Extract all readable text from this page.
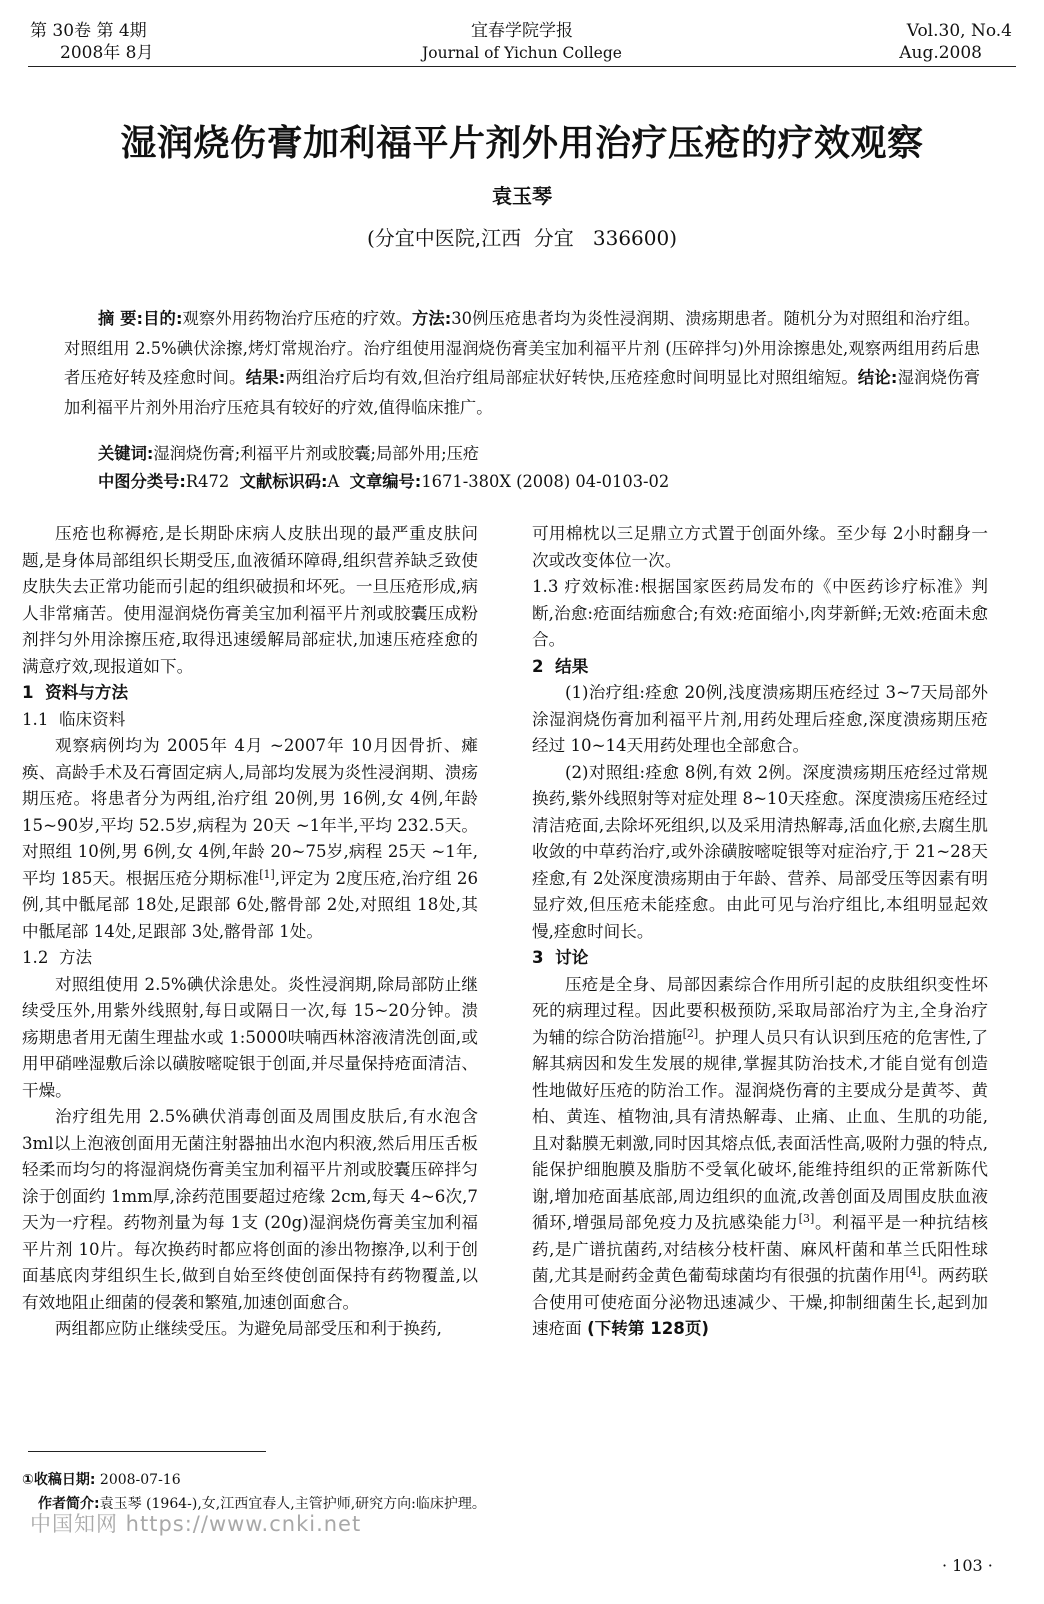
第 30卷 第 4期
2008年 8月
宜春学院学报
Journal of Yichun College
Vol.30, No.4
Aug.2008
湿润烧伤膏加利福平片剂外用治疗压疮的疗效观察
袁玉琴
(分宜中医院,江西  分宜   336600)
摘 要:目的:观察外用药物治疗压疮的疗效。方法:30例压疮患者均为炎性浸润期、溃疡期患者。随机分为对照组和治疗组。对照组用 2.5%碘伏涂擦,烤灯常规治疗。治疗组使用湿润烧伤膏美宝加利福平片剂 (压碎拌匀)外用涂擦患处,观察两组用药后患者压疮好转及痊愈时间。结果:两组治疗后均有效,但治疗组局部症状好转快,压疮痊愈时间明显比对照组缩短。结论:湿润烧伤膏加利福平片剂外用治疗压疮具有较好的疗效,值得临床推广。
关键词:湿润烧伤膏;利福平片剂或胶囊;局部外用;压疮
中图分类号:R472 文献标识码:A 文章编号:1671-380X (2008) 04-0103-02

压疮也称褥疮,是长期卧床病人皮肤出现的最严重皮肤问题,是身体局部组织长期受压,血液循环障碍,组织营养缺乏致使皮肤失去正常功能而引起的组织破损和坏死。一旦压疮形成,病人非常痛苦。使用湿润烧伤膏美宝加利福平片剂或胶囊压成粉剂拌匀外用涂擦压疮,取得迅速缓解局部症状,加速压疮痊愈的满意疗效,现报道如下。

1  资料与方法
1.1  临床资料

观察病例均为 2005年 4月 ~2007年 10月因骨折、瘫痪、高龄手术及石膏固定病人,局部均发展为炎性浸润期、溃疡期压疮。将患者分为两组,治疗组 20例,男 16例,女 4例,年龄 15~90岁,平均 52.5岁,病程为 20天 ~1年半,平均 232.5天。对照组 10例,男 6例,女 4例,年龄 20~75岁,病程 25天 ~1年,平均 185天。根据压疮分期标准[1],评定为 2度压疮,治疗组 26例,其中骶尾部 18处,足跟部 6处,髂骨部 2处,对照组 18处,其中骶尾部 14处,足跟部 3处,髂骨部 1处。

1.2  方法

对照组使用 2.5%碘伏涂患处。炎性浸润期,除局部防止继续受压外,用紫外线照射,每日或隔日一次,每 15~20分钟。溃疡期患者用无菌生理盐水或 1:5000呋喃西林溶液清洗创面,或用甲硝唑湿敷后涂以磺胺嘧啶银于创面,并尽量保持疮面清洁、干燥。

治疗组先用 2.5%碘伏消毒创面及周围皮肤后,有水泡含 3ml以上泡液创面用无菌注射器抽出水泡内积液,然后用压舌板轻柔而均匀的将湿润烧伤膏美宝加利福平片剂或胶囊压碎拌匀涂于创面约 1mm厚,涂药范围要超过疮缘 2cm,每天 4~6次,7天为一疗程。药物剂量为每 1支 (20g)湿润烧伤膏美宝加利福平片剂 10片。每次换药时都应将创面的渗出物擦净,以利于创面基底肉芽组织生长,做到自始至终使创面保持有药物覆盖,以有效地阻止细菌的侵袭和繁殖,加速创面愈合。

两组都应防止继续受压。为避免局部受压和利于换药,

可用棉枕以三足鼎立方式置于创面外缘。至少每 2小时翻身一次或改变体位一次。

1.3 疗效标准:根据国家医药局发布的《中医药诊疗标准》判断,治愈:疮面结痂愈合;有效:疮面缩小,肉芽新鲜;无效:疮面未愈合。

2  结果

(1)治疗组:痊愈 20例,浅度溃疡期压疮经过 3~7天局部外涂湿润烧伤膏加利福平片剂,用药处理后痊愈,深度溃疡期压疮经过 10~14天用药处理也全部愈合。

(2)对照组:痊愈 8例,有效 2例。深度溃疡期压疮经过常规换药,紫外线照射等对症处理 8~10天痊愈。深度溃疡压疮经过清洁疮面,去除坏死组织,以及采用清热解毒,活血化瘀,去腐生肌收敛的中草药治疗,或外涂磺胺嘧啶银等对症治疗,于 21~28天痊愈,有 2处深度溃疡期由于年龄、营养、局部受压等因素有明显疗效,但压疮未能痊愈。由此可见与治疗组比,本组明显起效慢,痊愈时间长。

3  讨论

压疮是全身、局部因素综合作用所引起的皮肤组织变性坏死的病理过程。因此要积极预防,采取局部治疗为主,全身治疗为辅的综合防治措施[2]。护理人员只有认识到压疮的危害性,了解其病因和发生发展的规律,掌握其防治技术,才能自觉有创造性地做好压疮的防治工作。湿润烧伤膏的主要成分是黄芩、黄柏、黄连、植物油,具有清热解毒、止痛、止血、生肌的功能,且对黏膜无刺激,同时因其熔点低,表面活性高,吸附力强的特点,能保护细胞膜及脂肪不受氧化破坏,能维持组织的正常新陈代谢,增加疮面基底部,周边组织的血流,改善创面及周围皮肤血液循环,增强局部免疫力及抗感染能力[3]。利福平是一种抗结核药,是广谱抗菌药,对结核分枝杆菌、麻风杆菌和革兰氏阳性球菌,尤其是耐药金黄色葡萄球菌均有很强的抗菌作用[4]。两药联合使用可使疮面分泌物迅速减少、干燥,抑制细菌生长,起到加速疮面 (下转第 128页)

①收稿日期: 2008-07-16
作者简介:袁玉琴 (1964-),女,江西宜春人,主管护师,研究方向:临床护理。
中国知网 https://www.cnki.net
· 103 ·
